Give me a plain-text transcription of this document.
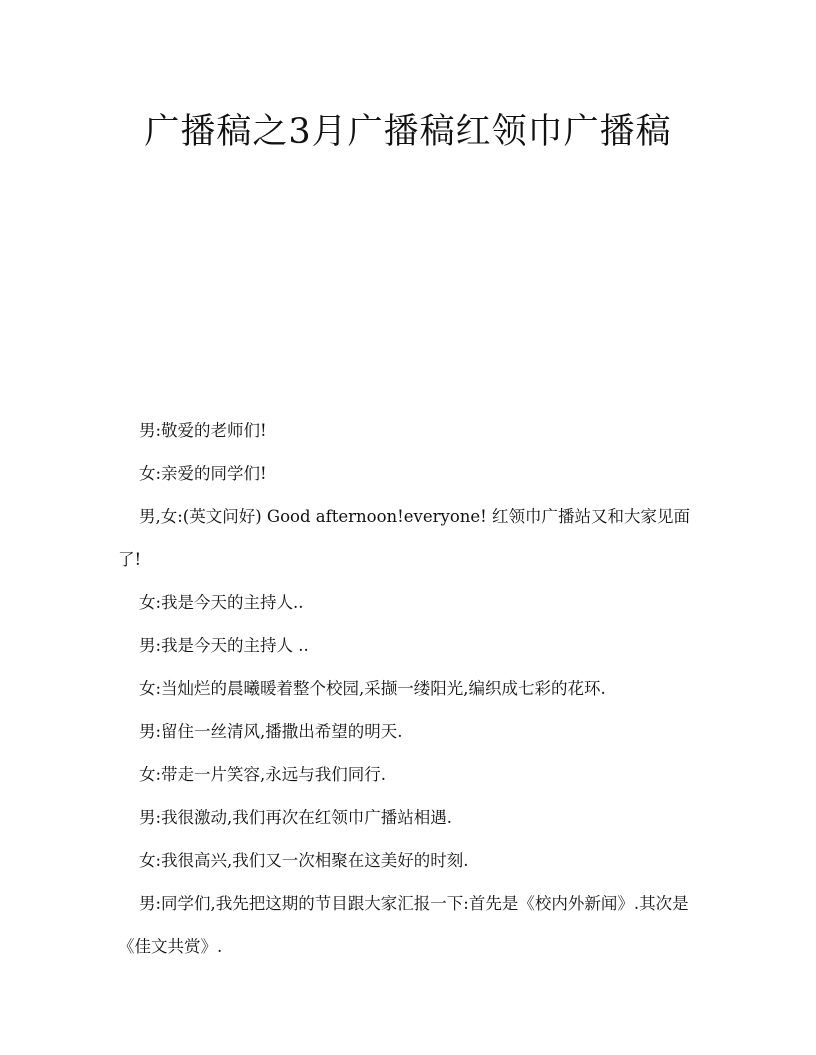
广播稿之3月广播稿红领巾广播稿

男:敬爱的老师们!

女:亲爱的同学们!

男,女:(英文问好) Good afternoon!everyone! 红领巾广播站又和大家见面了!

女:我是今天的主持人..

男:我是今天的主持人 ..

女:当灿烂的晨曦暖着整个校园,采撷一缕阳光,编织成七彩的花环.

男:留住一丝清风,播撒出希望的明天.

女:带走一片笑容,永远与我们同行.

男:我很激动,我们再次在红领巾广播站相遇.

女:我很高兴,我们又一次相聚在这美好的时刻.

男:同学们,我先把这期的节目跟大家汇报一下:首先是《校内外新闻》.其次是《佳文共赏》.
